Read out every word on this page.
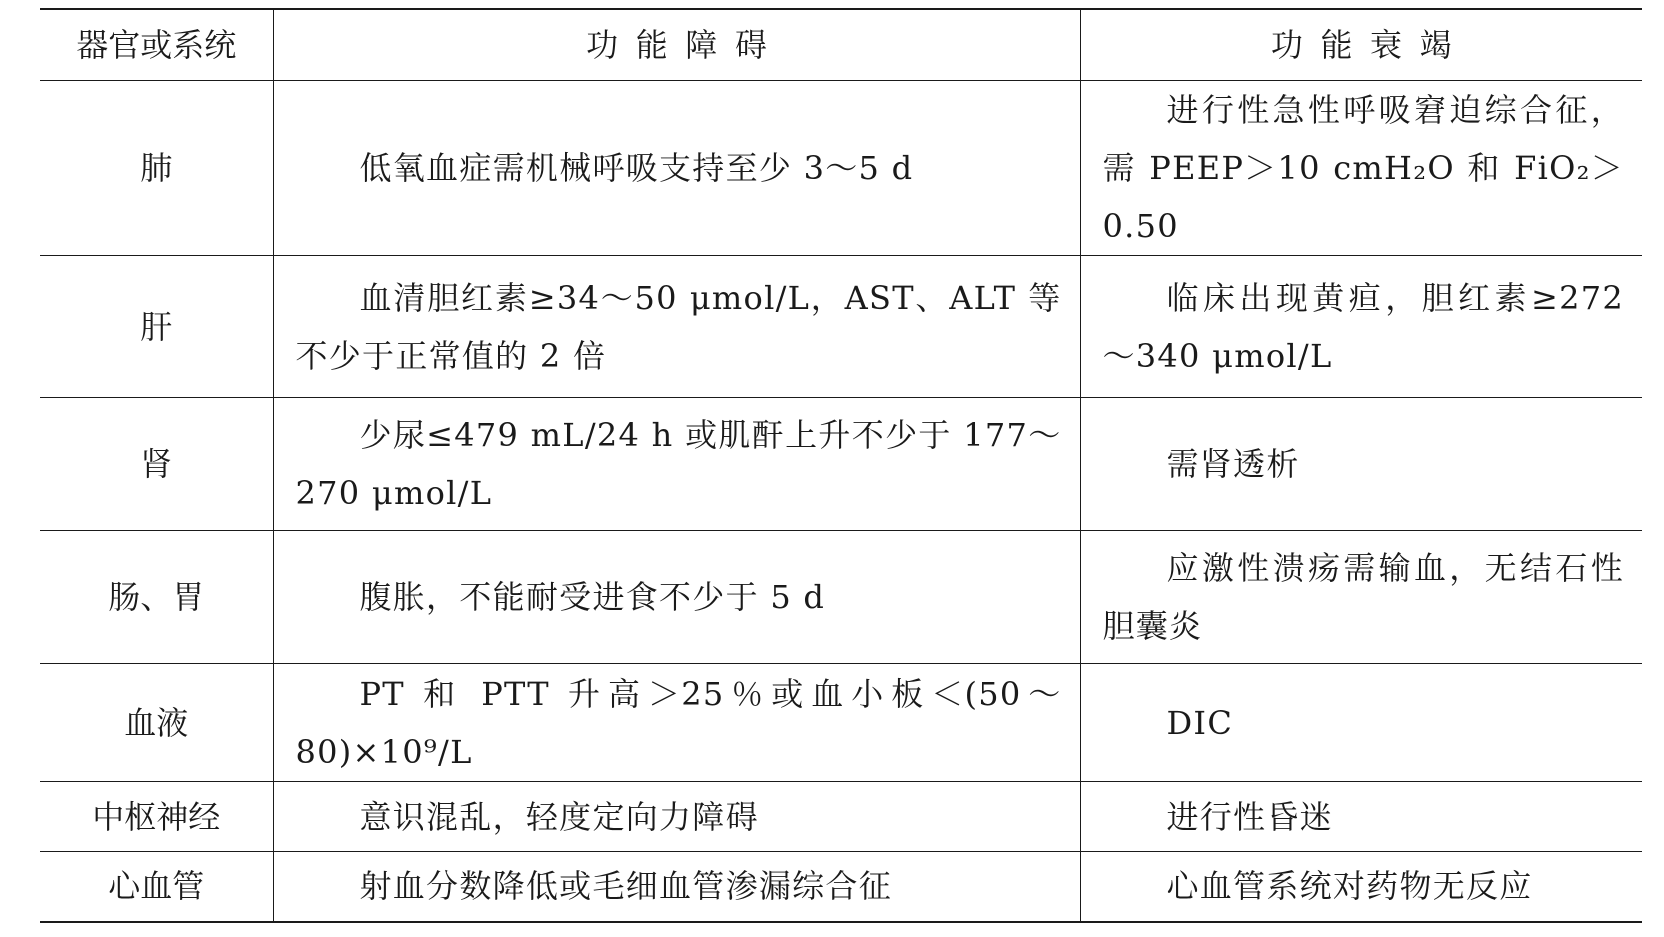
器官或系统	功能障碍	功能衰竭
肺	低氧血症需机械呼吸支持至少 3～5 d	进行性急性呼吸窘迫综合征，需 PEEP＞10 cmH₂O 和 FiO₂＞0.50
肝	血清胆红素≥34～50 μmol/L，AST、ALT 等不少于正常值的 2 倍	临床出现黄疸，胆红素≥272～340 μmol/L
肾	少尿≤479 mL/24 h 或肌酐上升不少于 177～270 μmol/L	需肾透析
肠、胃	腹胀，不能耐受进食不少于 5 d	应激性溃疡需输血，无结石性胆囊炎
血液	PT 和 PTT 升高＞25％或血小板＜(50～80)×10⁹/L	DIC
中枢神经	意识混乱，轻度定向力障碍	进行性昏迷
心血管	射血分数降低或毛细血管渗漏综合征	心血管系统对药物无反应
